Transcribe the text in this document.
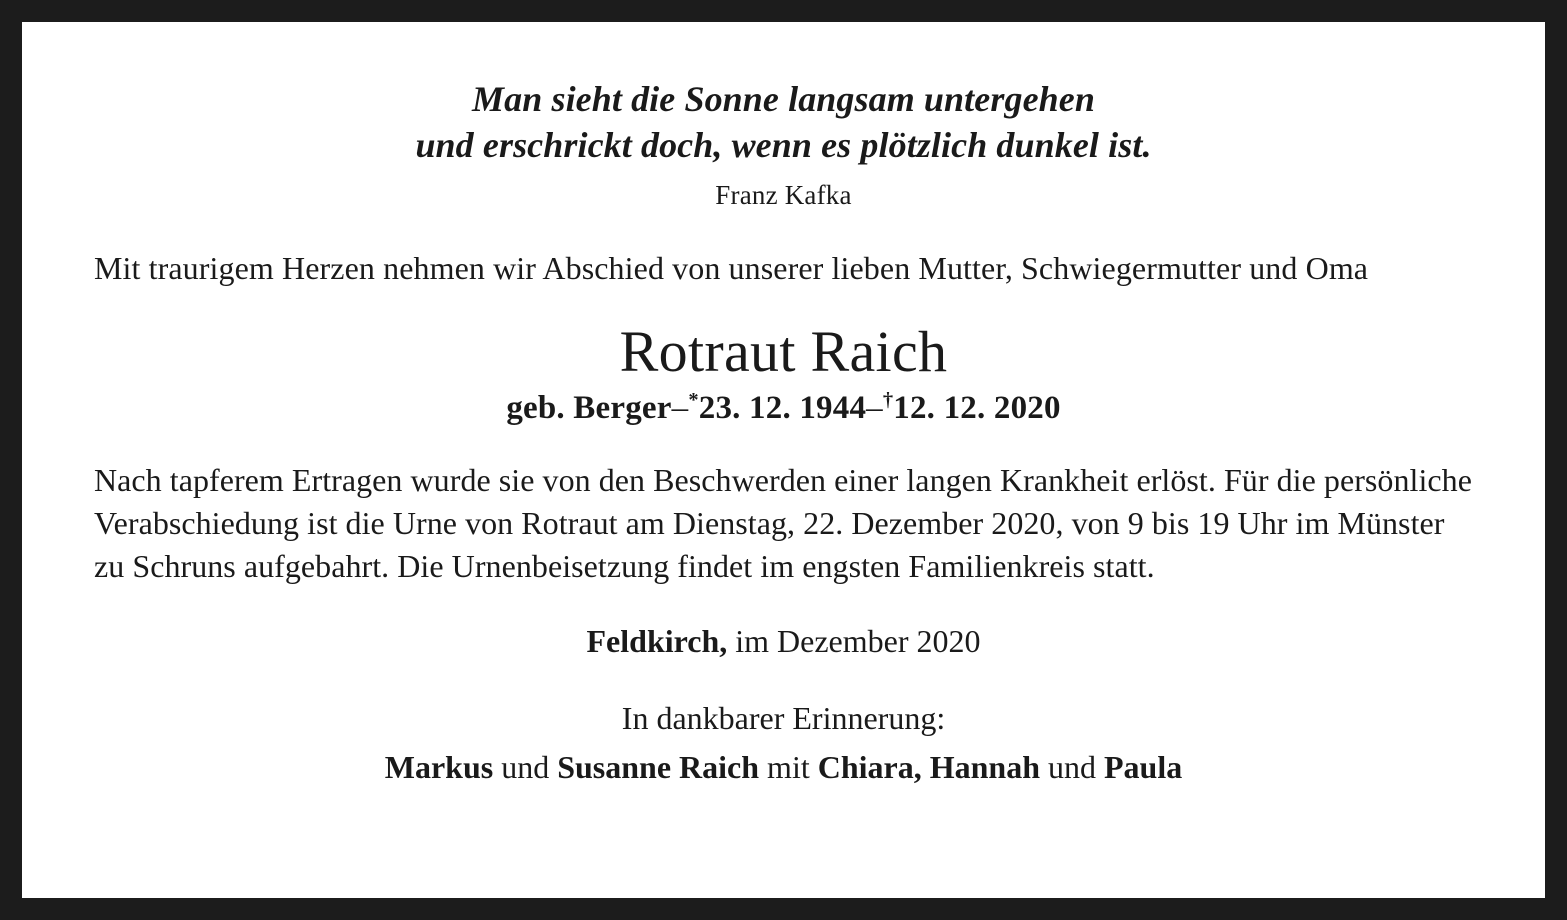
Man sieht die Sonne langsam untergehen
und erschrickt doch, wenn es plötzlich dunkel ist.
Franz Kafka
Mit traurigem Herzen nehmen wir Abschied von unserer lieben Mutter, Schwiegermutter und Oma
Rotraut Raich
geb. Berger–*23. 12. 1944–†12. 12. 2020
Nach tapferem Ertragen wurde sie von den Beschwerden einer langen Krankheit erlöst. Für die persönliche Verabschiedung ist die Urne von Rotraut am Dienstag, 22. Dezember 2020, von 9 bis 19 Uhr im Münster zu Schruns aufgebahrt. Die Urnenbeisetzung findet im engsten Familienkreis statt.
Feldkirch, im Dezember 2020
In dankbarer Erinnerung:
Markus und Susanne Raich mit Chiara, Hannah und Paula
